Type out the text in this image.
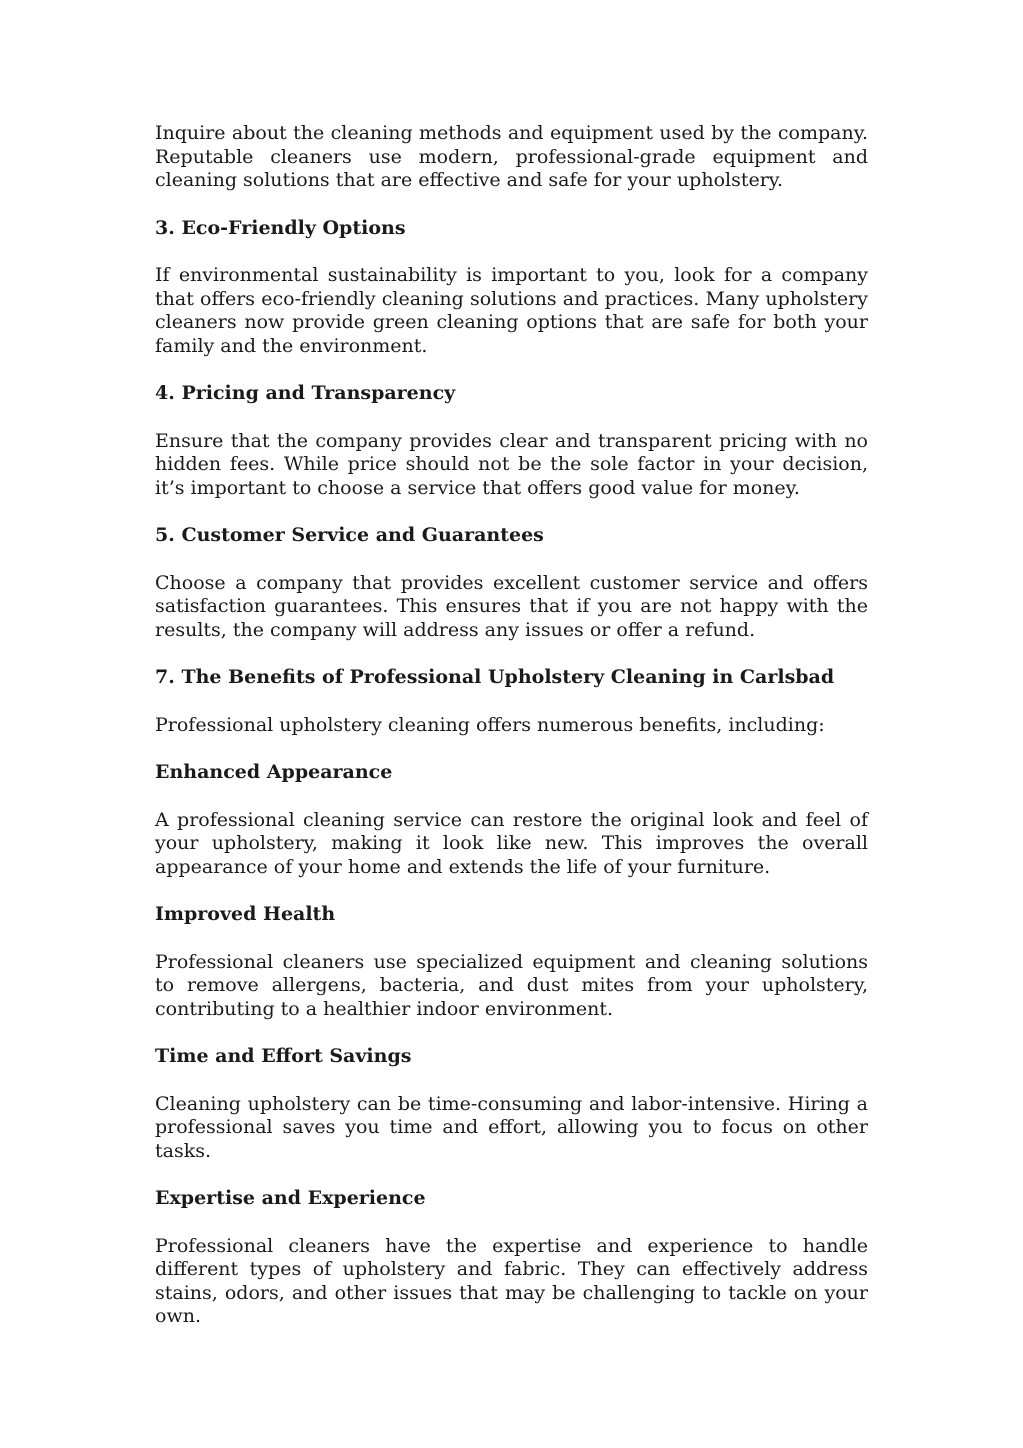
Inquire about the cleaning methods and equipment used by the company. Reputable cleaners use modern, professional-grade equipment and cleaning solutions that are effective and safe for your upholstery.

3. Eco-Friendly Options

If environmental sustainability is important to you, look for a company that offers eco-friendly cleaning solutions and practices. Many upholstery cleaners now provide green cleaning options that are safe for both your family and the environment.

4. Pricing and Transparency

Ensure that the company provides clear and transparent pricing with no hidden fees. While price should not be the sole factor in your decision, it’s important to choose a service that offers good value for money.

5. Customer Service and Guarantees

Choose a company that provides excellent customer service and offers satisfaction guarantees. This ensures that if you are not happy with the results, the company will address any issues or offer a refund.

7. The Benefits of Professional Upholstery Cleaning in Carlsbad

Professional upholstery cleaning offers numerous benefits, including:

Enhanced Appearance

A professional cleaning service can restore the original look and feel of your upholstery, making it look like new. This improves the overall appearance of your home and extends the life of your furniture.

Improved Health

Professional cleaners use specialized equipment and cleaning solutions to remove allergens, bacteria, and dust mites from your upholstery, contributing to a healthier indoor environment.

Time and Effort Savings

Cleaning upholstery can be time-consuming and labor-intensive. Hiring a professional saves you time and effort, allowing you to focus on other tasks.

Expertise and Experience

Professional cleaners have the expertise and experience to handle different types of upholstery and fabric. They can effectively address stains, odors, and other issues that may be challenging to tackle on your own.
